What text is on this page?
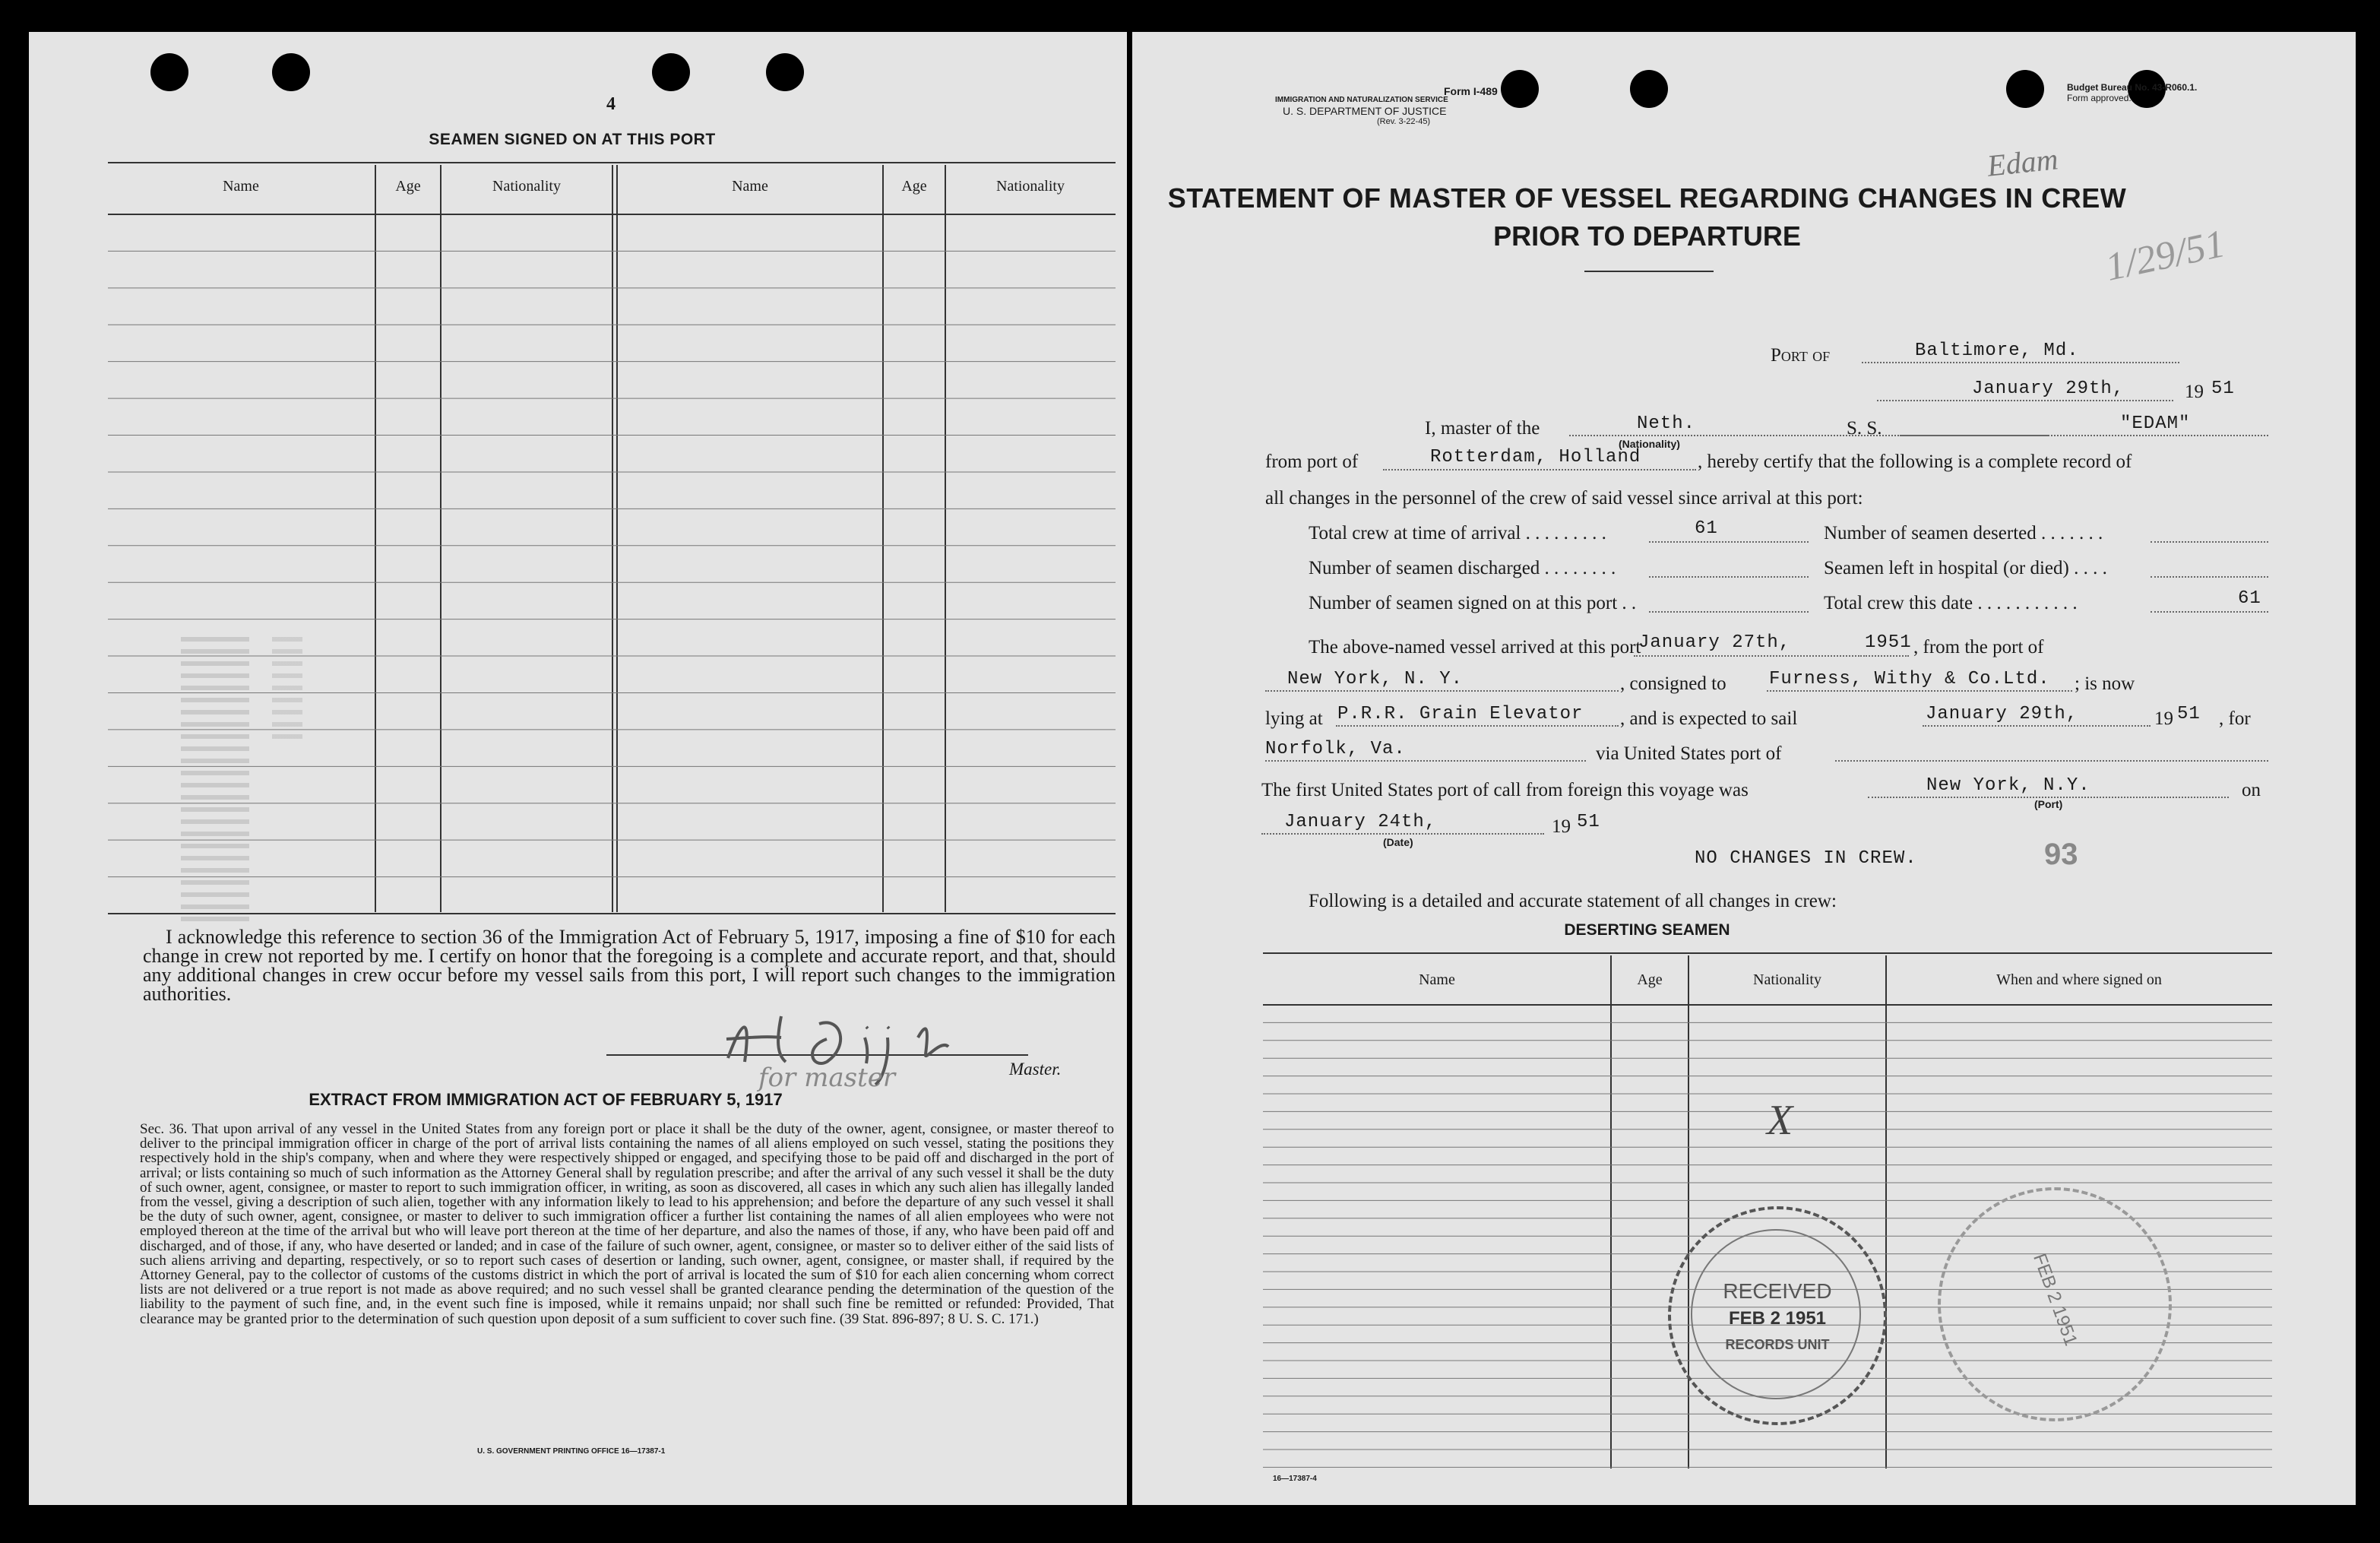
4
SEAMEN SIGNED ON AT THIS PORT
Name	Age	Nationality	Name	Age	Nationality
I acknowledge this reference to section 36 of the Immigration Act of February 5, 1917, imposing a fine of $10 for each change in crew not reported by me. I certify on honor that the foregoing is a complete and accurate report, and that, should any additional changes in crew occur before my vessel sails from this port, I will report such changes to the immigration authorities.
for master	Master.
EXTRACT FROM IMMIGRATION ACT OF FEBRUARY 5, 1917
Sec. 36. That upon arrival of any vessel in the United States from any foreign port or place it shall be the duty of the owner, agent, consignee, or master thereof to deliver to the principal immigration officer in charge of the port of arrival lists containing the names of all aliens employed on such vessel, stating the positions they respectively hold in the ship's company, when and where they were respectively shipped or engaged, and specifying those to be paid off and discharged in the port of arrival; or lists containing so much of such information as the Attorney General shall by regulation prescribe; and after the arrival of any such vessel it shall be the duty of such owner, agent, consignee, or master to report to such immigration officer, in writing, as soon as discovered, all cases in which any such alien has illegally landed from the vessel, giving a description of such alien, together with any information likely to lead to his apprehension; and before the departure of any such vessel it shall be the duty of such owner, agent, consignee, or master to deliver to such immigration officer a further list containing the names of all alien employees who were not employed thereon at the time of the arrival but who will leave port thereon at the time of her departure, and also the names of those, if any, who have been paid off and discharged, and of those, if any, who have deserted or landed; and in case of the failure of such owner, agent, consignee, or master so to deliver either of the said lists of such aliens arriving and departing, respectively, or so to report such cases of desertion or landing, such owner, agent, consignee, or master shall, if required by the Attorney General, pay to the collector of customs of the customs district in which the port of arrival is located the sum of $10 for each alien concerning whom correct lists are not delivered or a true report is not made as above required; and no such vessel shall be granted clearance pending the determination of the question of the liability to the payment of such fine, and, in the event such fine is imposed, while it remains unpaid; nor shall such fine be remitted or refunded: Provided, That clearance may be granted prior to the determination of such question upon deposit of a sum sufficient to cover such fine. (39 Stat. 896-897; 8 U. S. C. 171.)
U. S. GOVERNMENT PRINTING OFFICE 16—17387-1
Form I-489
IMMIGRATION AND NATURALIZATION SERVICE
U. S. DEPARTMENT OF JUSTICE
(Rev. 3-22-45)
Budget Bureau No. 43-R060.1.
Form approved.
Edam
1/29/51
STATEMENT OF MASTER OF VESSEL REGARDING CHANGES IN CREW
PRIOR TO DEPARTURE
Port of	Baltimore, Md.
January 29th,	19 51
I, master of the	Neth.
(Nationality)
S. S.	"EDAM"
from port of	Rotterdam, Holland	, hereby certify that the following is a complete record of
all changes in the personnel of the crew of said vessel since arrival at this port:
Total crew at time of arrival . . . . . . . . .	61	Number of seamen deserted . . . . . . .
Number of seamen discharged . . . . . . . .	Seamen left in hospital (or died) . . . .
Number of seamen signed on at this port . .	Total crew this date . . . . . . . . . . .	61
The above-named vessel arrived at this port
January 27th,	1951 , from the port of
New York, N. Y.	, consigned to Furness, Withy & Co.Ltd. ; is now
lying at P.R.R. Grain Elevator , and is expected to sail	January 29th,	19 51 , for
Norfolk, Va.	via United States port of
The first United States port of call from foreign this voyage was	New York, N.Y.
(Port)
on
January 24th,
(Date)
19 51
NO CHANGES IN CREW.	93
Following is a detailed and accurate statement of all changes in crew:
DESERTING SEAMEN
Name	Age	Nationality	When and where signed on
X
RECEIVED
FEB 2 1951
RECORDS UNIT	FEB 2 1951
16—17387-4
